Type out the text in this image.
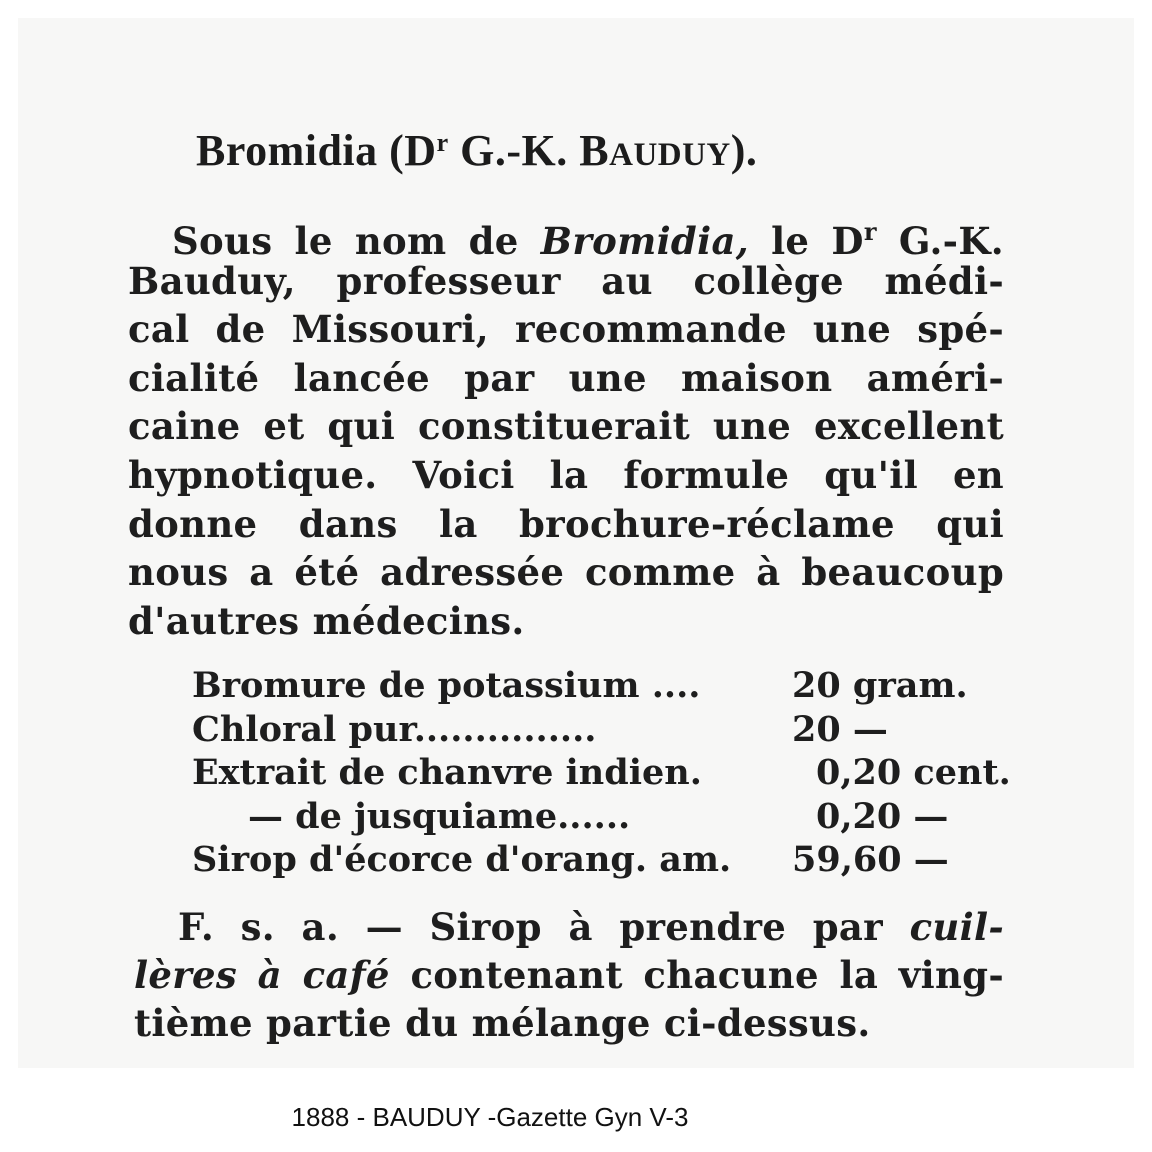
Bromidia ($D^r$ G.-K. BAUDUY).
Sous le nom de Bromidia, le $D^r$ G.-K.
Bauduy, professeur au collège médi-
cal de Missouri, recommande une spé-
cialité lancée par une maison améri-
caine et qui constituerait une excellent
hypnotique. Voici la formule qu'il en
donne dans la brochure-réclame qui
nous a été adressée comme à beaucoup
d'autres médecins.
Bromure de potassium ....	20 gram.
Chloral pur...............	20 —
Extrait de chanvre indien.	0,20 cent.
— de jusquiame......	0,20 —
Sirop d'écorce d'orang. am.	59,60 —
F. s. a. — Sirop à prendre par cuil-
lères à café contenant chacune la ving-
tième partie du mélange ci-dessus.
1888 - BAUDUY -Gazette Gyn V-3
